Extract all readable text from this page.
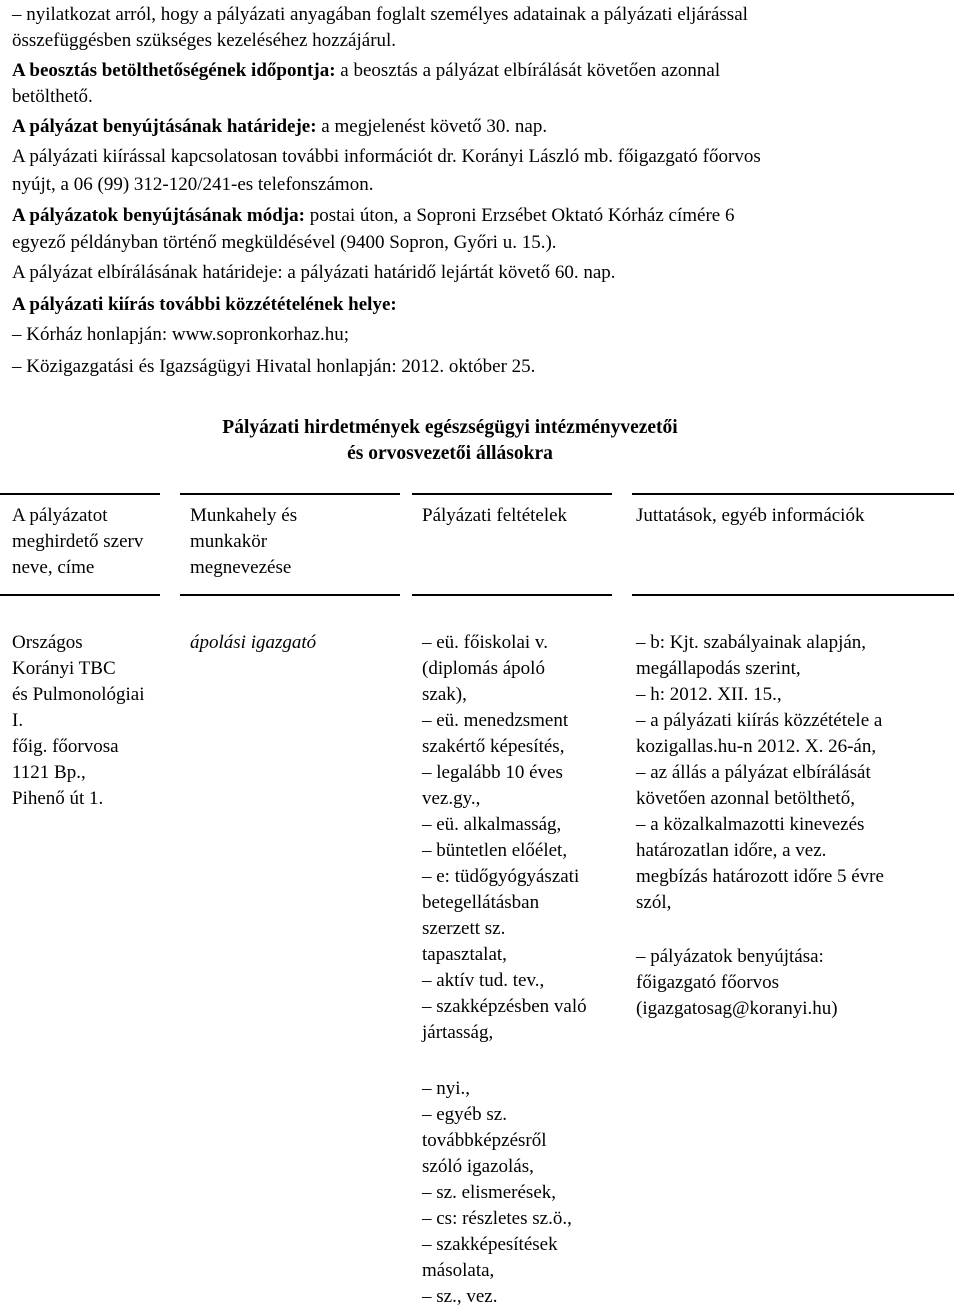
– nyilatkozat arról, hogy a pályázati anyagában foglalt személyes adatainak a pályázati eljárással
összefüggésben szükséges kezeléséhez hozzájárul.
A beosztás betölthetőségének időpontja: a beosztás a pályázat elbírálását követően azonnal
betölthető.
A pályázat benyújtásának határideje: a megjelenést követő 30. nap.
A pályázati kiírással kapcsolatosan további információt dr. Korányi László mb. főigazgató főorvos
nyújt, a 06 (99) 312-120/241-es telefonszámon.
A pályázatok benyújtásának módja: postai úton, a Soproni Erzsébet Oktató Kórház címére 6
egyező példányban történő megküldésével (9400 Sopron, Győri u. 15.).
A pályázat elbírálásának határideje: a pályázati határidő lejártát követő 60. nap.
A pályázati kiírás további közzétételének helye:
– Kórház honlapján: www.sopronkorhaz.hu;
– Közigazgatási és Igazságügyi Hivatal honlapján: 2012. október 25.
Pályázati hirdetmények egészségügyi intézményvezetői
és orvosvezetői állásokra
A pályázatot
meghirdető szerv
neve, címe
Munkahely és
munkakör
megnevezése
Pályázati feltételek	Juttatások, egyéb információk
Országos
Korányi TBC
és Pulmonológiai
I.
főig. főorvosa
1121 Bp.,
Pihenő út 1.
ápolási igazgató	– eü. főiskolai v.
(diplomás ápoló
szak),
– eü. menedzsment
szakértő képesítés,
– legalább 10 éves
vez.gy.,
– eü. alkalmasság,
– büntetlen előélet,
– e: tüdőgyógyászati
betegellátásban
szerzett sz.
tapasztalat,
– aktív tud. tev.,
– szakképzésben való
jártasság,
– nyi.,
– egyéb sz.
továbbképzésről
szóló igazolás,
– sz. elismerések,
– cs: részletes sz.ö.,
– szakképesítések
másolata,
– sz., vez.
– b: Kjt. szabályainak alapján,
megállapodás szerint,
– h: 2012. XII. 15.,
– a pályázati kiírás közzététele a
kozigallas.hu-n 2012. X. 26-án,
– az állás a pályázat elbírálását
követően azonnal betölthető,
– a közalkalmazotti kinevezés
határozatlan időre, a vez.
megbízás határozott időre 5 évre
szól,
– pályázatok benyújtása:
főigazgató főorvos
(igazgatosag@koranyi.hu)
